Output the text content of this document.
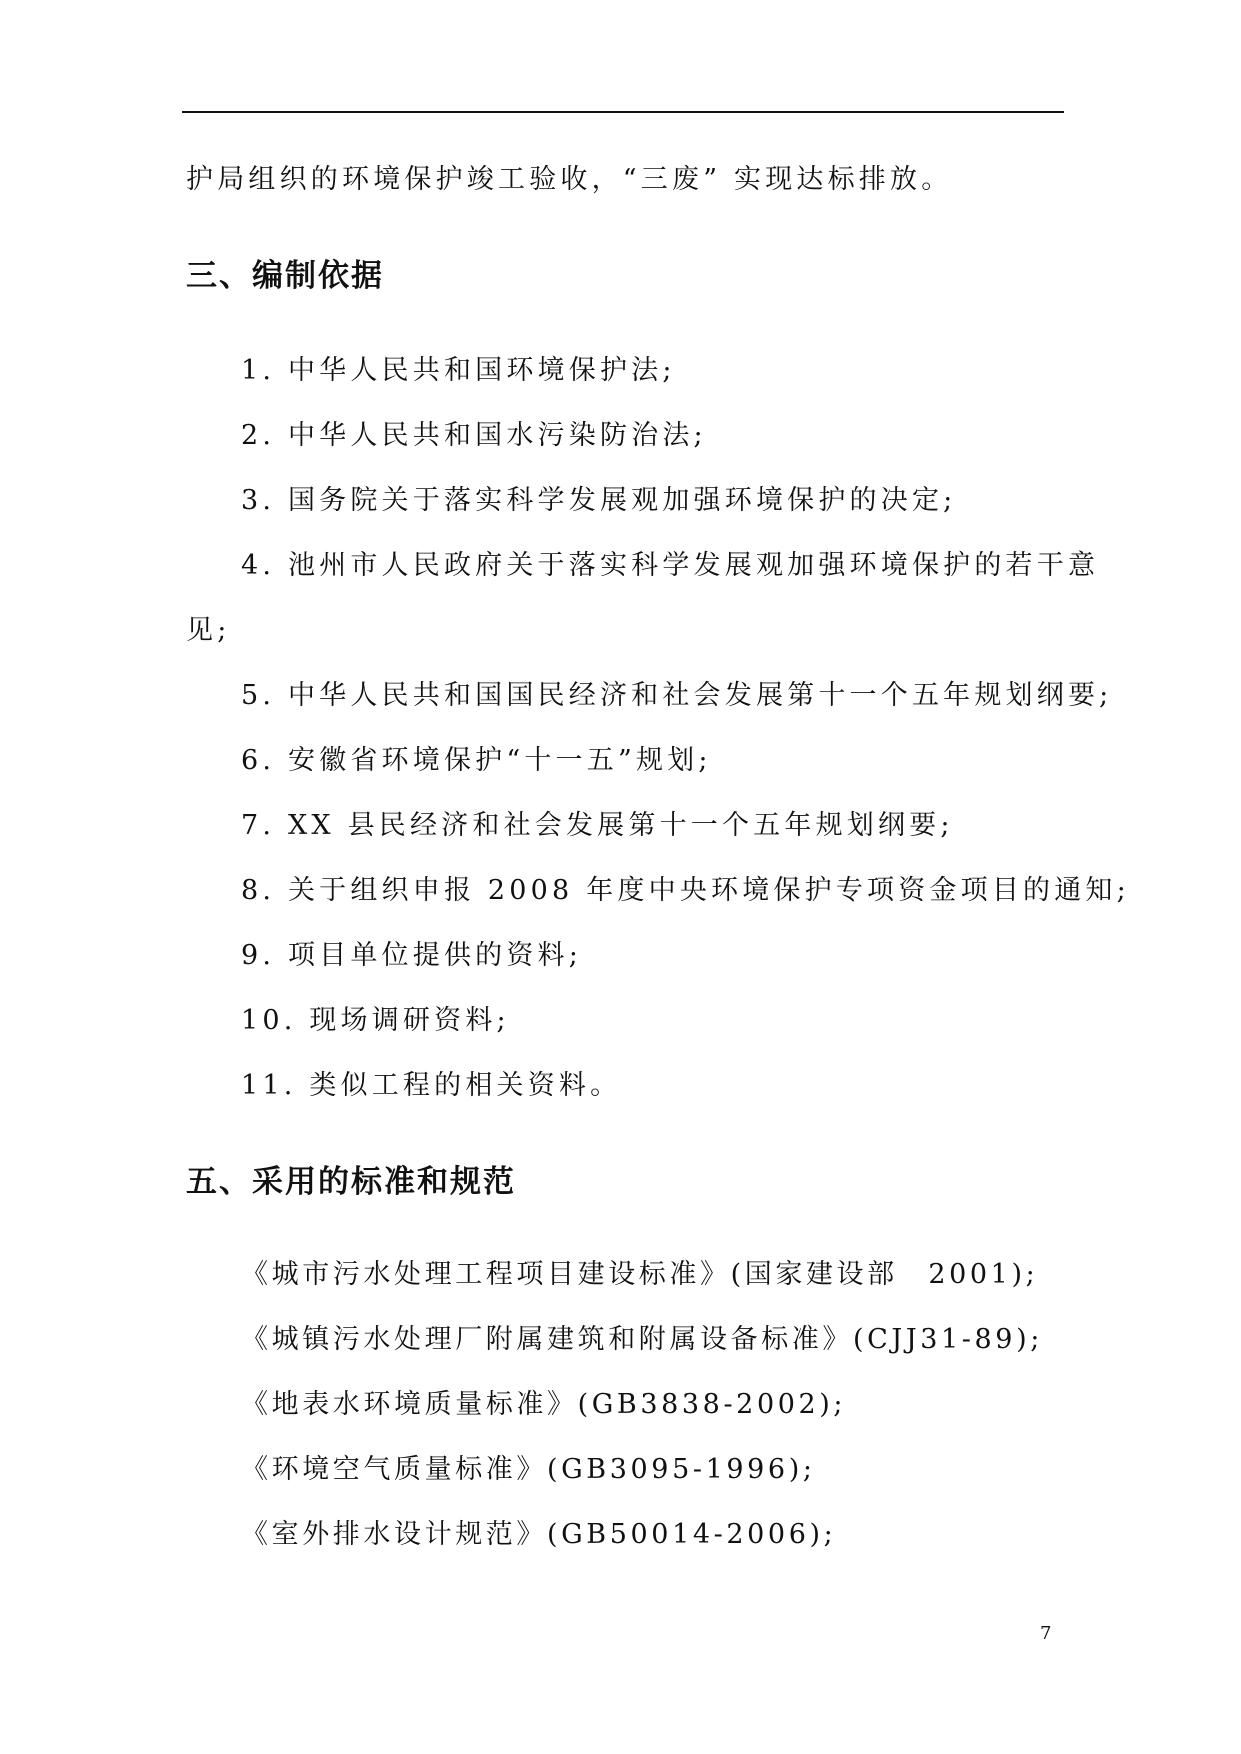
护局组织的环境保护竣工验收，“三废” 实现达标排放。

三、编制依据

1. 中华人民共和国环境保护法;

2. 中华人民共和国水污染防治法;

3. 国务院关于落实科学发展观加强环境保护的决定;

4. 池州市人民政府关于落实科学发展观加强环境保护的若干意

见;

5. 中华人民共和国国民经济和社会发展第十一个五年规划纲要;

6. 安徽省环境保护“十一五”规划;

7. XX 县民经济和社会发展第十一个五年规划纲要;

8. 关于组织申报 2008 年度中央环境保护专项资金项目的通知;

9. 项目单位提供的资料;

10. 现场调研资料;

11. 类似工程的相关资料。

五、采用的标准和规范

《城市污水处理工程项目建设标准》(国家建设部　2001);

《城镇污水处理厂附属建筑和附属设备标准》(CJJ31-89);

《地表水环境质量标准》(GB3838-2002);

《环境空气质量标准》(GB3095-1996);

《室外排水设计规范》(GB50014-2006);

7
